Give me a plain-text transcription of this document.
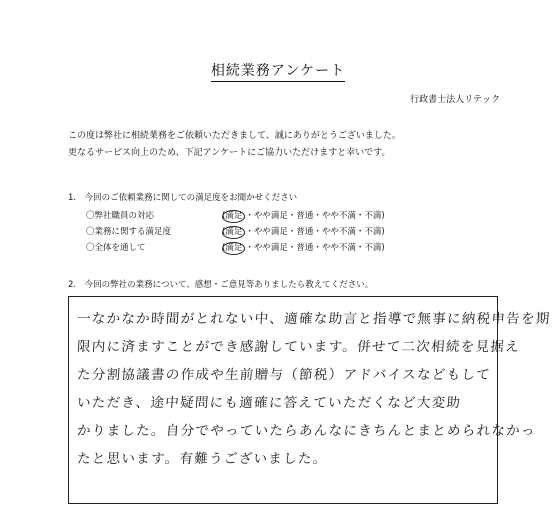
相続業務アンケート
行政書士法人リテック
この度は弊社に相続業務をご依頼いただきまして、誠にありがとうございました。
更なるサービス向上のため、下記アンケートにご協力いただけますと幸いです。
1.　今回のご依頼業務に関しての満足度をお聞かせください
〇弊社職員の対応	(満足 ・やや満足・普通・やや不満・不満)
〇業務に関する満足度	(満足 ・やや満足・普通・やや不満・不満)
〇全体を通して	(満足 ・やや満足・普通・やや不満・不満)
2.　今回の弊社の業務について、感想・ご意見等ありましたら教えてください。
一なかなか時間がとれない中、適確な助言と指導で無事に納税申告を期
限内に済ますことができ感謝しています。併せて二次相続を見据え
た分割協議書の作成や生前贈与（節税）アドバイスなどもして
いただき、途中疑問にも適確に答えていただくなど大変助
かりました。自分でやっていたらあんなにきちんとまとめられなかっ
たと思います。有難うございました。
